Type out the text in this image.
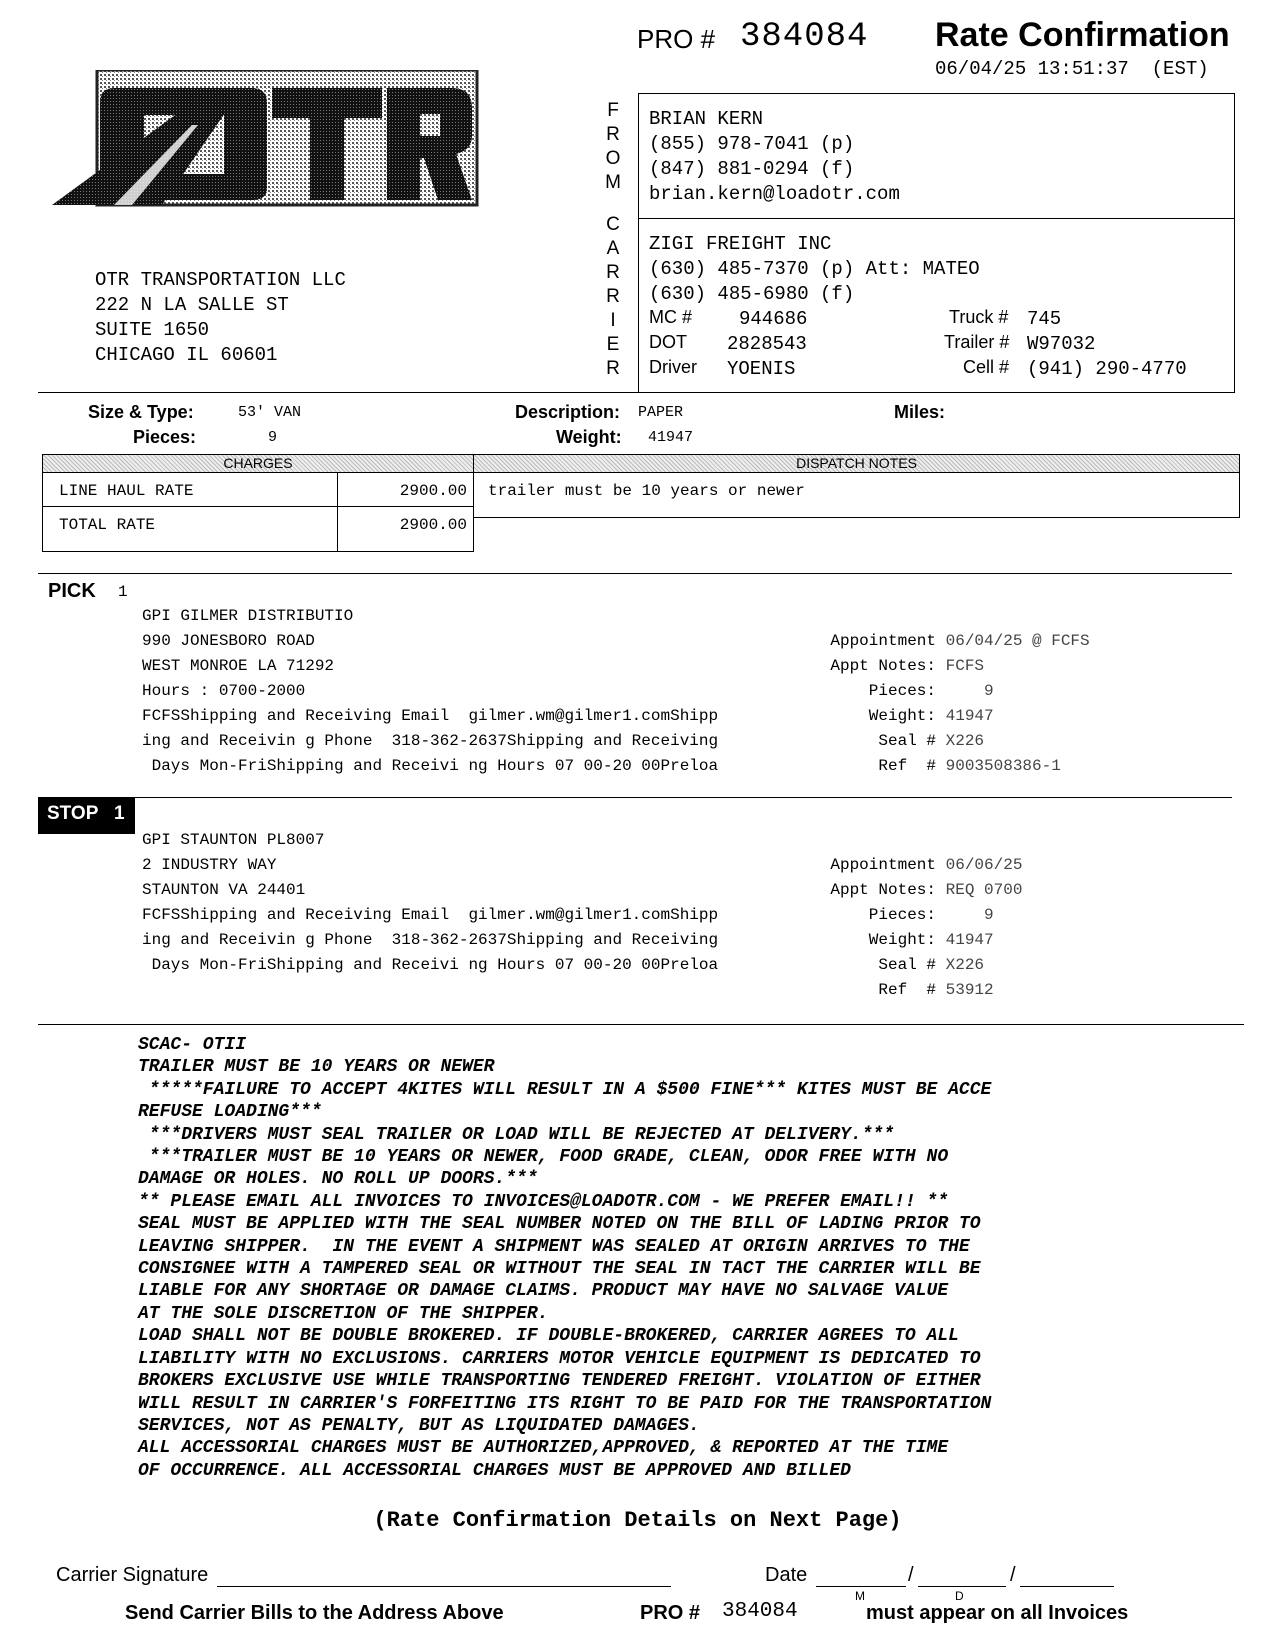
PRO # 384084 Rate Confirmation
06/04/25 13:51:37  (EST)
OTR TRANSPORTATION LLC
222 N LA SALLE ST
SUITE 1650
CHICAGO IL 60601
F
R
O
M
C
A
R
R
I
E
R
BRIAN KERN
(855) 978-7041 (p)
(847) 881-0294 (f)
brian.kern@loadotr.com
ZIGI FREIGHT INC
(630) 485-7370 (p) Att: MATEO
(630) 485-6980 (f)
MC # 944686
DOT 2828543
Driver YOENIS
Truck # 745
Trailer # W97032
Cell # (941) 290-4770
Size & Type:	53' VAN
Pieces:	9
Description: PAPER
Weight: 41947
Miles:
CHARGES	DISPATCH NOTES
LINE HAUL RATE	2900.00
TOTAL RATE	2900.00
trailer must be 10 years or newer
PICK 1
GPI GILMER DISTRIBUTIO
990 JONESBORO ROAD
WEST MONROE LA 71292
Hours : 0700-2000
FCFSShipping and Receiving Email  gilmer.wm@gilmer1.comShipp
ing and Receivin g Phone  318-362-2637Shipping and Receiving
Days Mon-FriShipping and Receivi ng Hours 07 00-20 00Preloa
Appointment 06/04/25 @ FCFS
Appt Notes: FCFS
Pieces:     9
Weight: 41947
Seal # X226
Ref  # 9003508386-1
STOP 1
GPI STAUNTON PL8007
2 INDUSTRY WAY
STAUNTON VA 24401
FCFSShipping and Receiving Email  gilmer.wm@gilmer1.comShipp
ing and Receivin g Phone  318-362-2637Shipping and Receiving
Days Mon-FriShipping and Receivi ng Hours 07 00-20 00Preloa
Appointment 06/06/25
Appt Notes: REQ 0700
Pieces:     9
Weight: 41947
Seal # X226
Ref  # 53912
SCAC- OTII
TRAILER MUST BE 10 YEARS OR NEWER
*****FAILURE TO ACCEPT 4KITES WILL RESULT IN A $500 FINE*** KITES MUST BE ACCE
REFUSE LOADING***
***DRIVERS MUST SEAL TRAILER OR LOAD WILL BE REJECTED AT DELIVERY.***
***TRAILER MUST BE 10 YEARS OR NEWER, FOOD GRADE, CLEAN, ODOR FREE WITH NO
DAMAGE OR HOLES. NO ROLL UP DOORS.***
** PLEASE EMAIL ALL INVOICES TO INVOICES@LOADOTR.COM - WE PREFER EMAIL!! **
SEAL MUST BE APPLIED WITH THE SEAL NUMBER NOTED ON THE BILL OF LADING PRIOR TO
LEAVING SHIPPER.  IN THE EVENT A SHIPMENT WAS SEALED AT ORIGIN ARRIVES TO THE
CONSIGNEE WITH A TAMPERED SEAL OR WITHOUT THE SEAL IN TACT THE CARRIER WILL BE
LIABLE FOR ANY SHORTAGE OR DAMAGE CLAIMS. PRODUCT MAY HAVE NO SALVAGE VALUE
AT THE SOLE DISCRETION OF THE SHIPPER.
LOAD SHALL NOT BE DOUBLE BROKERED. IF DOUBLE-BROKERED, CARRIER AGREES TO ALL
LIABILITY WITH NO EXCLUSIONS. CARRIERS MOTOR VEHICLE EQUIPMENT IS DEDICATED TO
BROKERS EXCLUSIVE USE WHILE TRANSPORTING TENDERED FREIGHT. VIOLATION OF EITHER
WILL RESULT IN CARRIER'S FORFEITING ITS RIGHT TO BE PAID FOR THE TRANSPORTATION
SERVICES, NOT AS PENALTY, BUT AS LIQUIDATED DAMAGES.
ALL ACCESSORIAL CHARGES MUST BE AUTHORIZED,APPROVED, & REPORTED AT THE TIME
OF OCCURRENCE. ALL ACCESSORIAL CHARGES MUST BE APPROVED AND BILLED
(Rate Confirmation Details on Next Page)
Carrier Signature	Date	/	/
M	D
Send Carrier Bills to the Address Above	PRO # 384084	must appear on all Invoices
